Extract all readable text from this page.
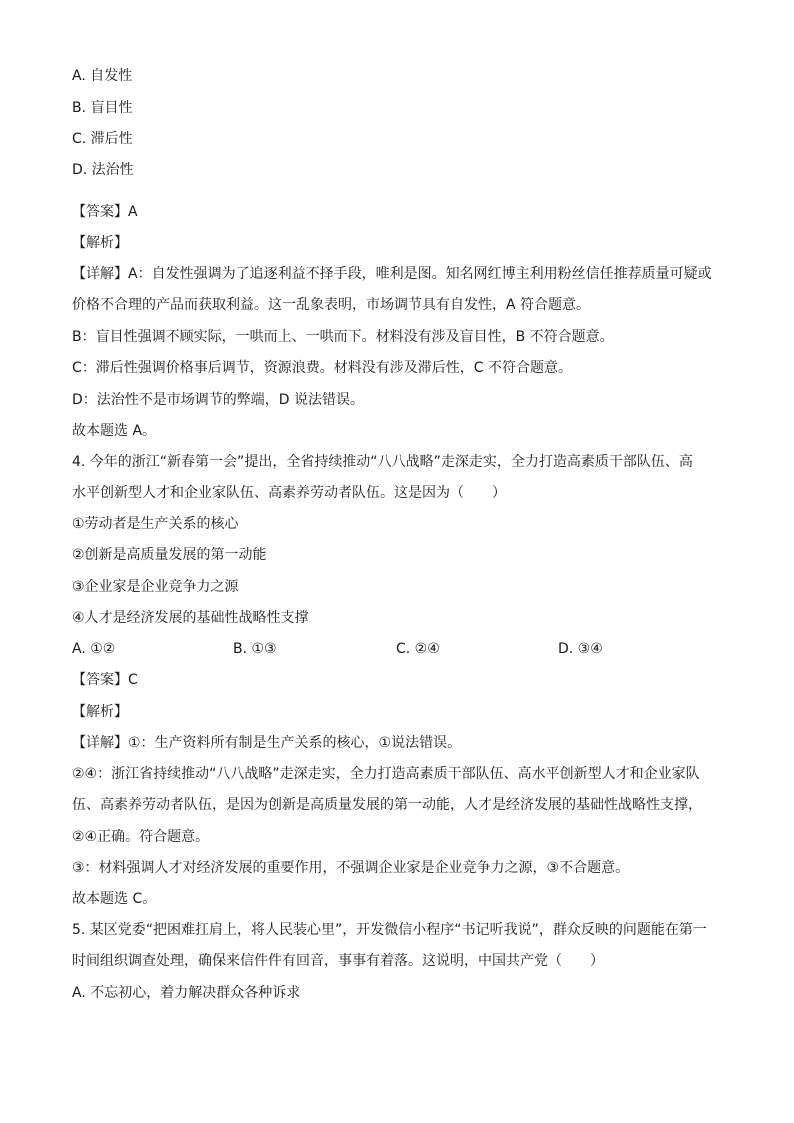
A. 自发性
B. 盲目性
C. 滞后性
D. 法治性
【答案】A
【解析】
【详解】A：自发性强调为了追逐利益不择手段，唯利是图。知名网红博主利用粉丝信任推荐质量可疑或
价格不合理的产品而获取利益。这一乱象表明，市场调节具有自发性，A 符合题意。
B：盲目性强调不顾实际，一哄而上、一哄而下。材料没有涉及盲目性，B 不符合题意。
C：滞后性强调价格事后调节，资源浪费。材料没有涉及滞后性，C 不符合题意。
D：法治性不是市场调节的弊端，D 说法错误。
故本题选 A。
4. 今年的浙江“新春第一会”提出，全省持续推动“八八战略”走深走实，全力打造高素质干部队伍、高
水平创新型人才和企业家队伍、高素养劳动者队伍。这是因为（　　）
①劳动者是生产关系的核心
②创新是高质量发展的第一动能
③企业家是企业竞争力之源
④人才是经济发展的基础性战略性支撑
A. ①②	B. ①③	C. ②④	D. ③④
【答案】C
【解析】
【详解】①：生产资料所有制是生产关系的核心，①说法错误。
②④：浙江省持续推动“八八战略”走深走实，全力打造高素质干部队伍、高水平创新型人才和企业家队
伍、高素养劳动者队伍，是因为创新是高质量发展的第一动能，人才是经济发展的基础性战略性支撑，
②④正确。符合题意。
③：材料强调人才对经济发展的重要作用，不强调企业家是企业竞争力之源，③不合题意。
故本题选 C。
5. 某区党委“把困难扛肩上，将人民装心里”，开发微信小程序“书记听我说”，群众反映的问题能在第一
时间组织调查处理，确保来信件件有回音，事事有着落。这说明，中国共产党（　　）
A. 不忘初心，着力解决群众各种诉求
